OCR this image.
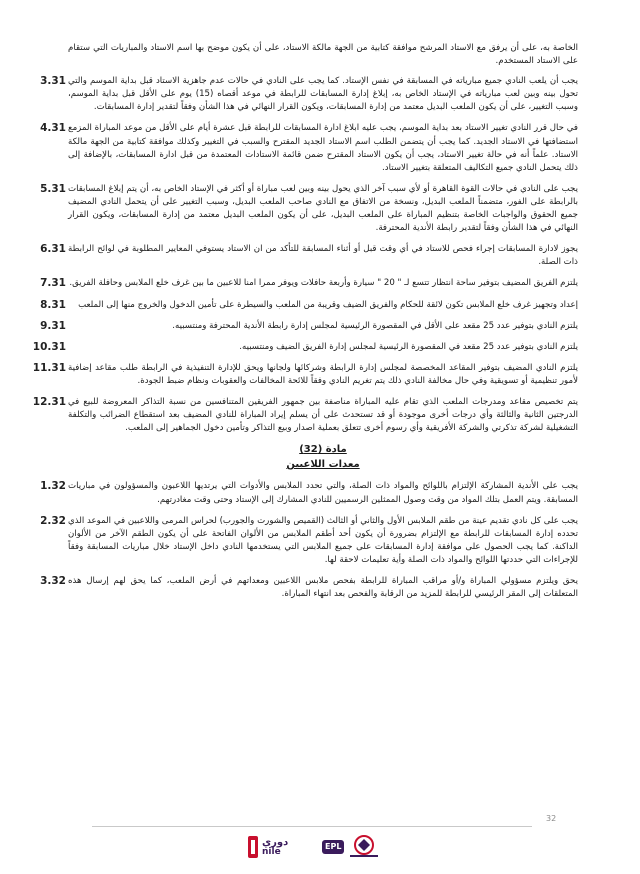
الخاصة به، على أن يرفق مع الاستاد المرشح موافقة كتابية من الجهة مالكة الاستاد، على أن يكون موضح بها اسم الاستاد والمباريات التي ستقام على الاستاد المستخدم.

3.31 يجب أن يلعب النادي جميع مبارياته في المسابقة في نفس الإستاد. كما يجب على النادي في حالات عدم جاهزية الاستاد قبل بداية الموسم والتي تحول بينه وبين لعب مبارياته في الإستاد الخاص به، إبلاغ إدارة المسابقات للرابطة في موعد أقصاه (15) يوم على الأقل قبل بداية الموسم، وسبب التغيير، على أن يكون الملعب البديل معتمد من إدارة المسابقات، ويكون القرار النهائي في هذا الشأن وفقاً لتقدير إدارة المسابقات.
4.31 في حال قرر النادي تغيير الاستاد بعد بداية الموسم، يجب عليه ابلاغ ادارة المسابقات للرابطة قبل عشرة أيام على الأقل من موعد المباراة المزمع استضافتها في الاستاد الجديد. كما يجب أن يتضمن الطلب اسم الاستاد الجديد المقترح والسبب في التغيير وكذلك موافقة كتابية من الجهة مالكة الاستاد. علماً أنه في حالة تغيير الاستاد، يجب أن يكون الاستاد المقترح ضمن قائمة الاستادات المعتمدة من قبل ادارة المسابقات، بالإضافة إلى ذلك يتحمل النادي جميع التكاليف المتعلقة بتغيير الاستاد.
5.31 يجب على النادي في حالات القوة القاهرة أو لأي سبب آخر الذي يحول بينه وبين لعب مباراة أو أكثر في الإستاد الخاص به، أن يتم إبلاغ المسابقات بالرابطة على الفور، متضمناً الملعب البديل، ونسخة من الاتفاق مع النادي صاحب الملعب البديل، وسبب التغيير على أن يتحمل النادي المضيف جميع الحقوق والواجبات الخاصة بتنظيم المباراة على الملعب البديل، على أن يكون الملعب البديل معتمد من إدارة المسابقات، ويكون القرار النهائي في هذا الشأن وفقاً لتقدير رابطة الأندية المحترفة.
6.31 يجوز لادارة المسابقات إجراء فحص للاستاد في أي وقت قبل أو أثناء المسابقة للتأكد من ان الاستاد يستوفي المعايير المطلوبة في لوائح الرابطة ذات الصلة.
7.31 يلتزم الفريق المضيف بتوفير ساحة انتظار تتسع لـ " 20 " سيارة وأربعة حافلات ويوفر ممرا امنا للاعبين ما بين غرف خلع الملابس وحافلة الفريق.
8.31	إعداد وتجهيز غرف خلع الملابس تكون لائقة للحكام والفريق الضيف وقريبة من الملعب والسيطرة على تأمين الدخول والخروج منها إلى الملعب
9.31	يلتزم النادي بتوفير عدد 25 مقعد على الأقل في المقصورة الرئيسية لمجلس إدارة رابطة الأندية المحترفة ومنتسبيه.
10.31	يلتزم النادي بتوفير عدد 25 مقعد في المقصورة الرئيسية لمجلس إدارة الفريق الضيف ومنتسبيه.
11.31 يلتزم النادي المضيف بتوفير المقاعد المخصصة لمجلس إدارة الرابطة وشركائها ولجانها ويحق للإدارة التنفيذية في الرابطة طلب مقاعد إضافية لأمور تنظيمية أو تسويقية وفي حال مخالفة النادي ذلك يتم تغريم النادي وفقاً للائحة المخالفات والعقوبات ونظام ضبط الجودة.
12.31 يتم تخصيص مقاعد ومدرجات الملعب الذي تقام عليه المباراة مناصفة بين جمهور الفريقين المتنافسين من نسبة التذاكر المعروضة للبيع في الدرجتين الثانية والثالثة وأي درجات أخرى موجودة أو قد تستحدث على أن يسلم إيراد المباراة للنادي المضيف بعد استقطاع الضرائب والتكلفة التشغيلية لشركة تذكرتي والشركة الأفريقية وأي رسوم أخرى تتعلق بعملية اصدار وبيع التذاكر وتأمين دخول الجماهير إلى الملعب.
مادة (32)
معدات اللاعبين
1.32 يجب على الأندية المشاركة الإلتزام باللوائح والمواد ذات الصلة، والتي تحدد الملابس والأدوات التي يرتديها اللاعبون والمسؤولون في مباريات المسابقة. ويتم العمل بتلك المواد من وقت وصول الممثلين الرسميين للنادي المشارك إلى الإستاد وحتى وقت مغادرتهم.
2.32 يجب على كل نادي تقديم عينة من طقم الملابس الأول والثاني أو الثالث (القميص والشورت والجورب) لحراس المرمى واللاعبين في الموعد الذي تحدده إدارة المسابقات للرابطة مع الإلتزام بضرورة أن يكون أحد أطقم الملابس من الألوان الفاتحة على أن يكون الطقم الآخر من الألوان الداكنة. كما يجب الحصول على موافقة إدارة المسابقات على جميع الملابس التي يستخدمها النادي داخل الإستاد خلال مباريات المسابقة وفقاً للإجراءات التي حددتها اللوائح والمواد ذات الصلة وأية تعليمات لاحقة لها.
3.32 يحق ويلتزم مسؤولي المباراة و/أو مراقب المباراة للرابطة بفحص ملابس اللاعبين ومعداتهم في أرض الملعب، كما يحق لهم إرسال هذه المتعلقات إلى المقر الرئيسي للرابطة للمزيد من الرقابة والفحص بعد انتهاء المباراة.
32
دوري
nile
EPL
